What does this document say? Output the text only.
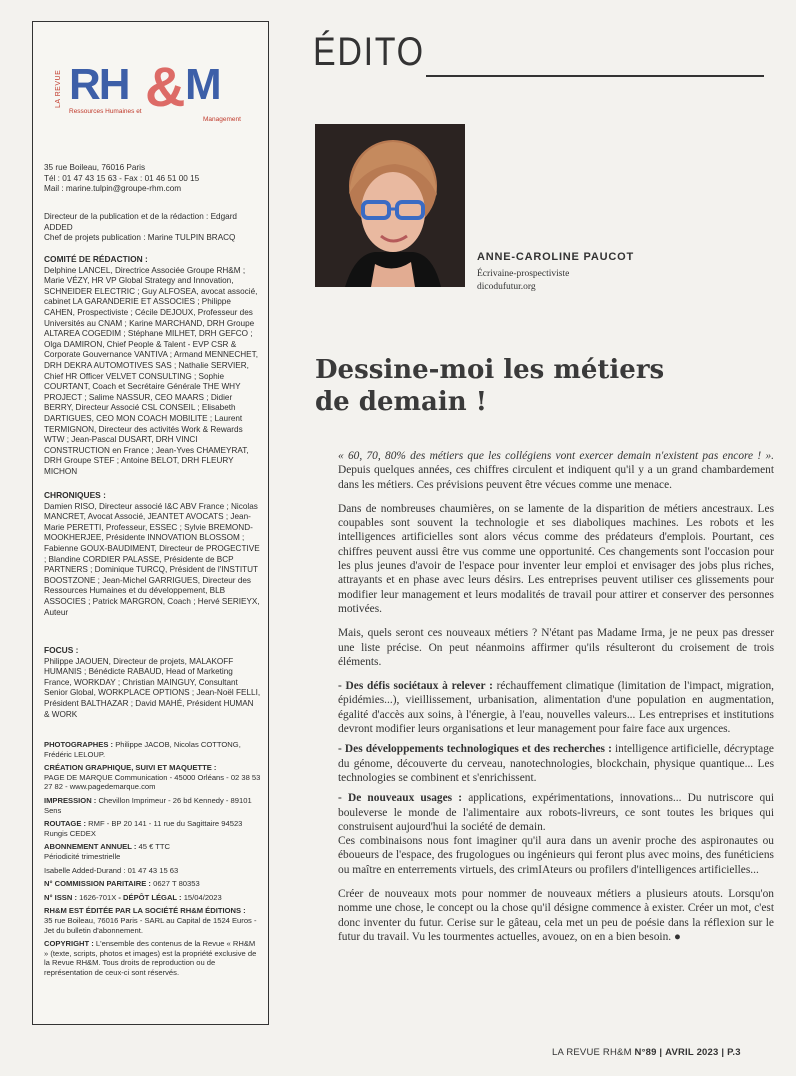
LA REVUE RH & M
Ressources Humaines et
Management
35 rue Boileau, 76016 Paris
Tél : 01 47 43 15 63 - Fax : 01 46 51 00 15
Mail : marine.tulpin@groupe-rhm.com
Directeur de la publication et de la rédaction : Edgard ADDED
Chef de projets publication : Marine TULPIN BRACQ
COMITÉ DE RÉDACTION :

Delphine LANCEL, Directrice Associée Groupe RH&M ; Marie VÉZY, HR VP Global Strategy and Innovation, SCHNEIDER ELECTRIC ; Guy ALFOSEA, avocat associé, cabinet LA GARANDERIE ET ASSOCIES ; Philippe CAHEN, Prospectiviste ; Cécile DEJOUX, Professeur des Universités au CNAM ; Karine MARCHAND, DRH Groupe ALTAREA COGEDIM ; Stéphane MILHET, DRH GEFCO ; Olga DAMIRON, Chief People & Talent - EVP CSR & Corporate Gouvernance VANTIVA ; Armand MENNECHET, DRH DEKRA AUTOMOTIVES SAS ; Nathalie SERVIER, Chief HR Officer VELVET CONSULTING ; Sophie COURTANT, Coach et Secrétaire Générale THE WHY PROJECT ; Salime NASSUR, CEO MAARS ; Didier BERRY, Directeur Associé CSL CONSEIL ; Elisabeth DARTIGUES, CEO MON COACH MOBILITE ; Laurent TERMIGNON, Directeur des activités Work & Rewards WTW ; Jean-Pascal DUSART, DRH VINCI CONSTRUCTION en France ; Jean-Yves CHAMEYRAT, DRH Groupe STEF ; Antoine BELOT, DRH FLEURY MICHON

CHRONIQUES :

Damien RISO, Directeur associé I&C ABV France ; Nicolas MANCRET, Avocat Associé, JEANTET AVOCATS ; Jean-Marie PERETTI, Professeur, ESSEC ; Sylvie BREMOND-MOOKHERJEE, Présidente INNOVATION BLOSSOM ; Fabienne GOUX-BAUDIMENT, Directeur de PROGECTIVE ; Blandine CORDIER PALASSE, Présidente de BCP PARTNERS ; Dominique TURCQ, Président de l'INSTITUT BOOSTZONE ; Jean-Michel GARRIGUES, Directeur des Ressources Humaines et du développement, BLB ASSOCIES ; Patrick MARGRON, Coach ; Hervé SERIEYX, Auteur

FOCUS :

Philippe JAOUEN, Directeur de projets, MALAKOFF HUMANIS ; Bénédicte RABAUD, Head of Marketing France, WORKDAY ; Christian MAINGUY, Consultant Senior Global, WORKPLACE OPTIONS ; Jean-Noël FELLI, Président BALTHAZAR ; David MAHÉ, Président HUMAN & WORK

PHOTOGRAPHES : Philippe JACOB, Nicolas COTTONG, Frédéric LELOUP.

CRÉATION GRAPHIQUE, SUIVI ET MAQUETTE :
PAGE DE MARQUE Communication - 45000 Orléans - 02 38 53 27 82 - www.pagedemarque.com

IMPRESSION : Chevillon Imprimeur - 26 bd Kennedy - 89101 Sens

ROUTAGE : RMF - BP 20 141 - 11 rue du Sagittaire 94523 Rungis CEDEX

ABONNEMENT ANNUEL : 45 € TTC
Périodicité trimestrielle

Isabelle Added-Durand : 01 47 43 15 63

N° COMMISSION PARITAIRE : 0627 T 80353

N° ISSN : 1626-701X - DÉPÔT LÉGAL : 15/04/2023

RH&M EST ÉDITÉE PAR LA SOCIÉTÉ RH&M ÉDITIONS :
35 rue Boileau, 76016 Paris - SARL au Capital de 1524 Euros - Jet du bulletin d'abonnement.

COPYRIGHT : L'ensemble des contenus de la Revue « RH&M » (texte, scripts, photos et images) est la propriété exclusive de la Revue RH&M. Tous droits de reproduction ou de représentation de ceux-ci sont réservés.

ÉDITO
ANNE-CAROLINE PAUCOT
Écrivaine-prospectiviste
dicodufutur.org
Dessine-moi les métiers
de demain !

« 60, 70, 80% des métiers que les collégiens vont exercer demain n'existent pas encore ! ». Depuis quelques années, ces chiffres circulent et indiquent qu'il y a un grand chambardement dans les métiers. Ces prévisions peuvent être vécues comme une menace.

Dans de nombreuses chaumières, on se lamente de la disparition de métiers ancestraux. Les coupables sont souvent la technologie et ses diaboliques machines. Les robots et les intelligences artificielles sont alors vécus comme des prédateurs d'emplois. Pourtant, ces chiffres peuvent aussi être vus comme une opportunité. Ces changements sont l'occasion pour les plus jeunes d'avoir de l'espace pour inventer leur emploi et envisager des jobs plus riches, attrayants et en phase avec leurs désirs. Les entreprises peuvent utiliser ces glissements pour modifier leur management et leurs modalités de travail pour attirer et conserver des personnes motivées.

Mais, quels seront ces nouveaux métiers ? N'étant pas Madame Irma, je ne peux pas dresser une liste précise. On peut néanmoins affirmer qu'ils résulteront du croisement de trois éléments.

- Des défis sociétaux à relever : réchauffement climatique (limitation de l'impact, migration, épidémies...), vieillissement, urbanisation, alimentation d'une population en augmentation, égalité d'accès aux soins, à l'énergie, à l'eau, nouvelles valeurs... Les entreprises et institutions devront modifier leurs organisations et leur management pour faire face aux urgences.

- Des développements technologiques et des recherches : intelligence artificielle, décryptage du génome, découverte du cerveau, nanotechnologies, blockchain, physique quantique... Les technologies se combinent et s'enrichissent.

- De nouveaux usages : applications, expérimentations, innovations... Du nutriscore qui bouleverse le monde de l'alimentaire aux robots-livreurs, ce sont toutes les briques qui construisent aujourd'hui la société de demain.

Ces combinaisons nous font imaginer qu'il aura dans un avenir proche des aspironautes ou éboueurs de l'espace, des frugologues ou ingénieurs qui feront plus avec moins, des funéticiens ou maître en enterrements virtuels, des crimIAteurs ou profilers d'intelligences artificielles...

Créer de nouveaux mots pour nommer de nouveaux métiers a plusieurs atouts. Lorsqu'on nomme une chose, le concept ou la chose qu'il désigne commence à exister. Créer un mot, c'est donc inventer du futur. Cerise sur le gâteau, cela met un peu de poésie dans la réflexion sur le futur du travail. Vu les tourmentes actuelles, avouez, on en a bien besoin. ●

LA REVUE RH&M N°89 | AVRIL 2023 | P.3
